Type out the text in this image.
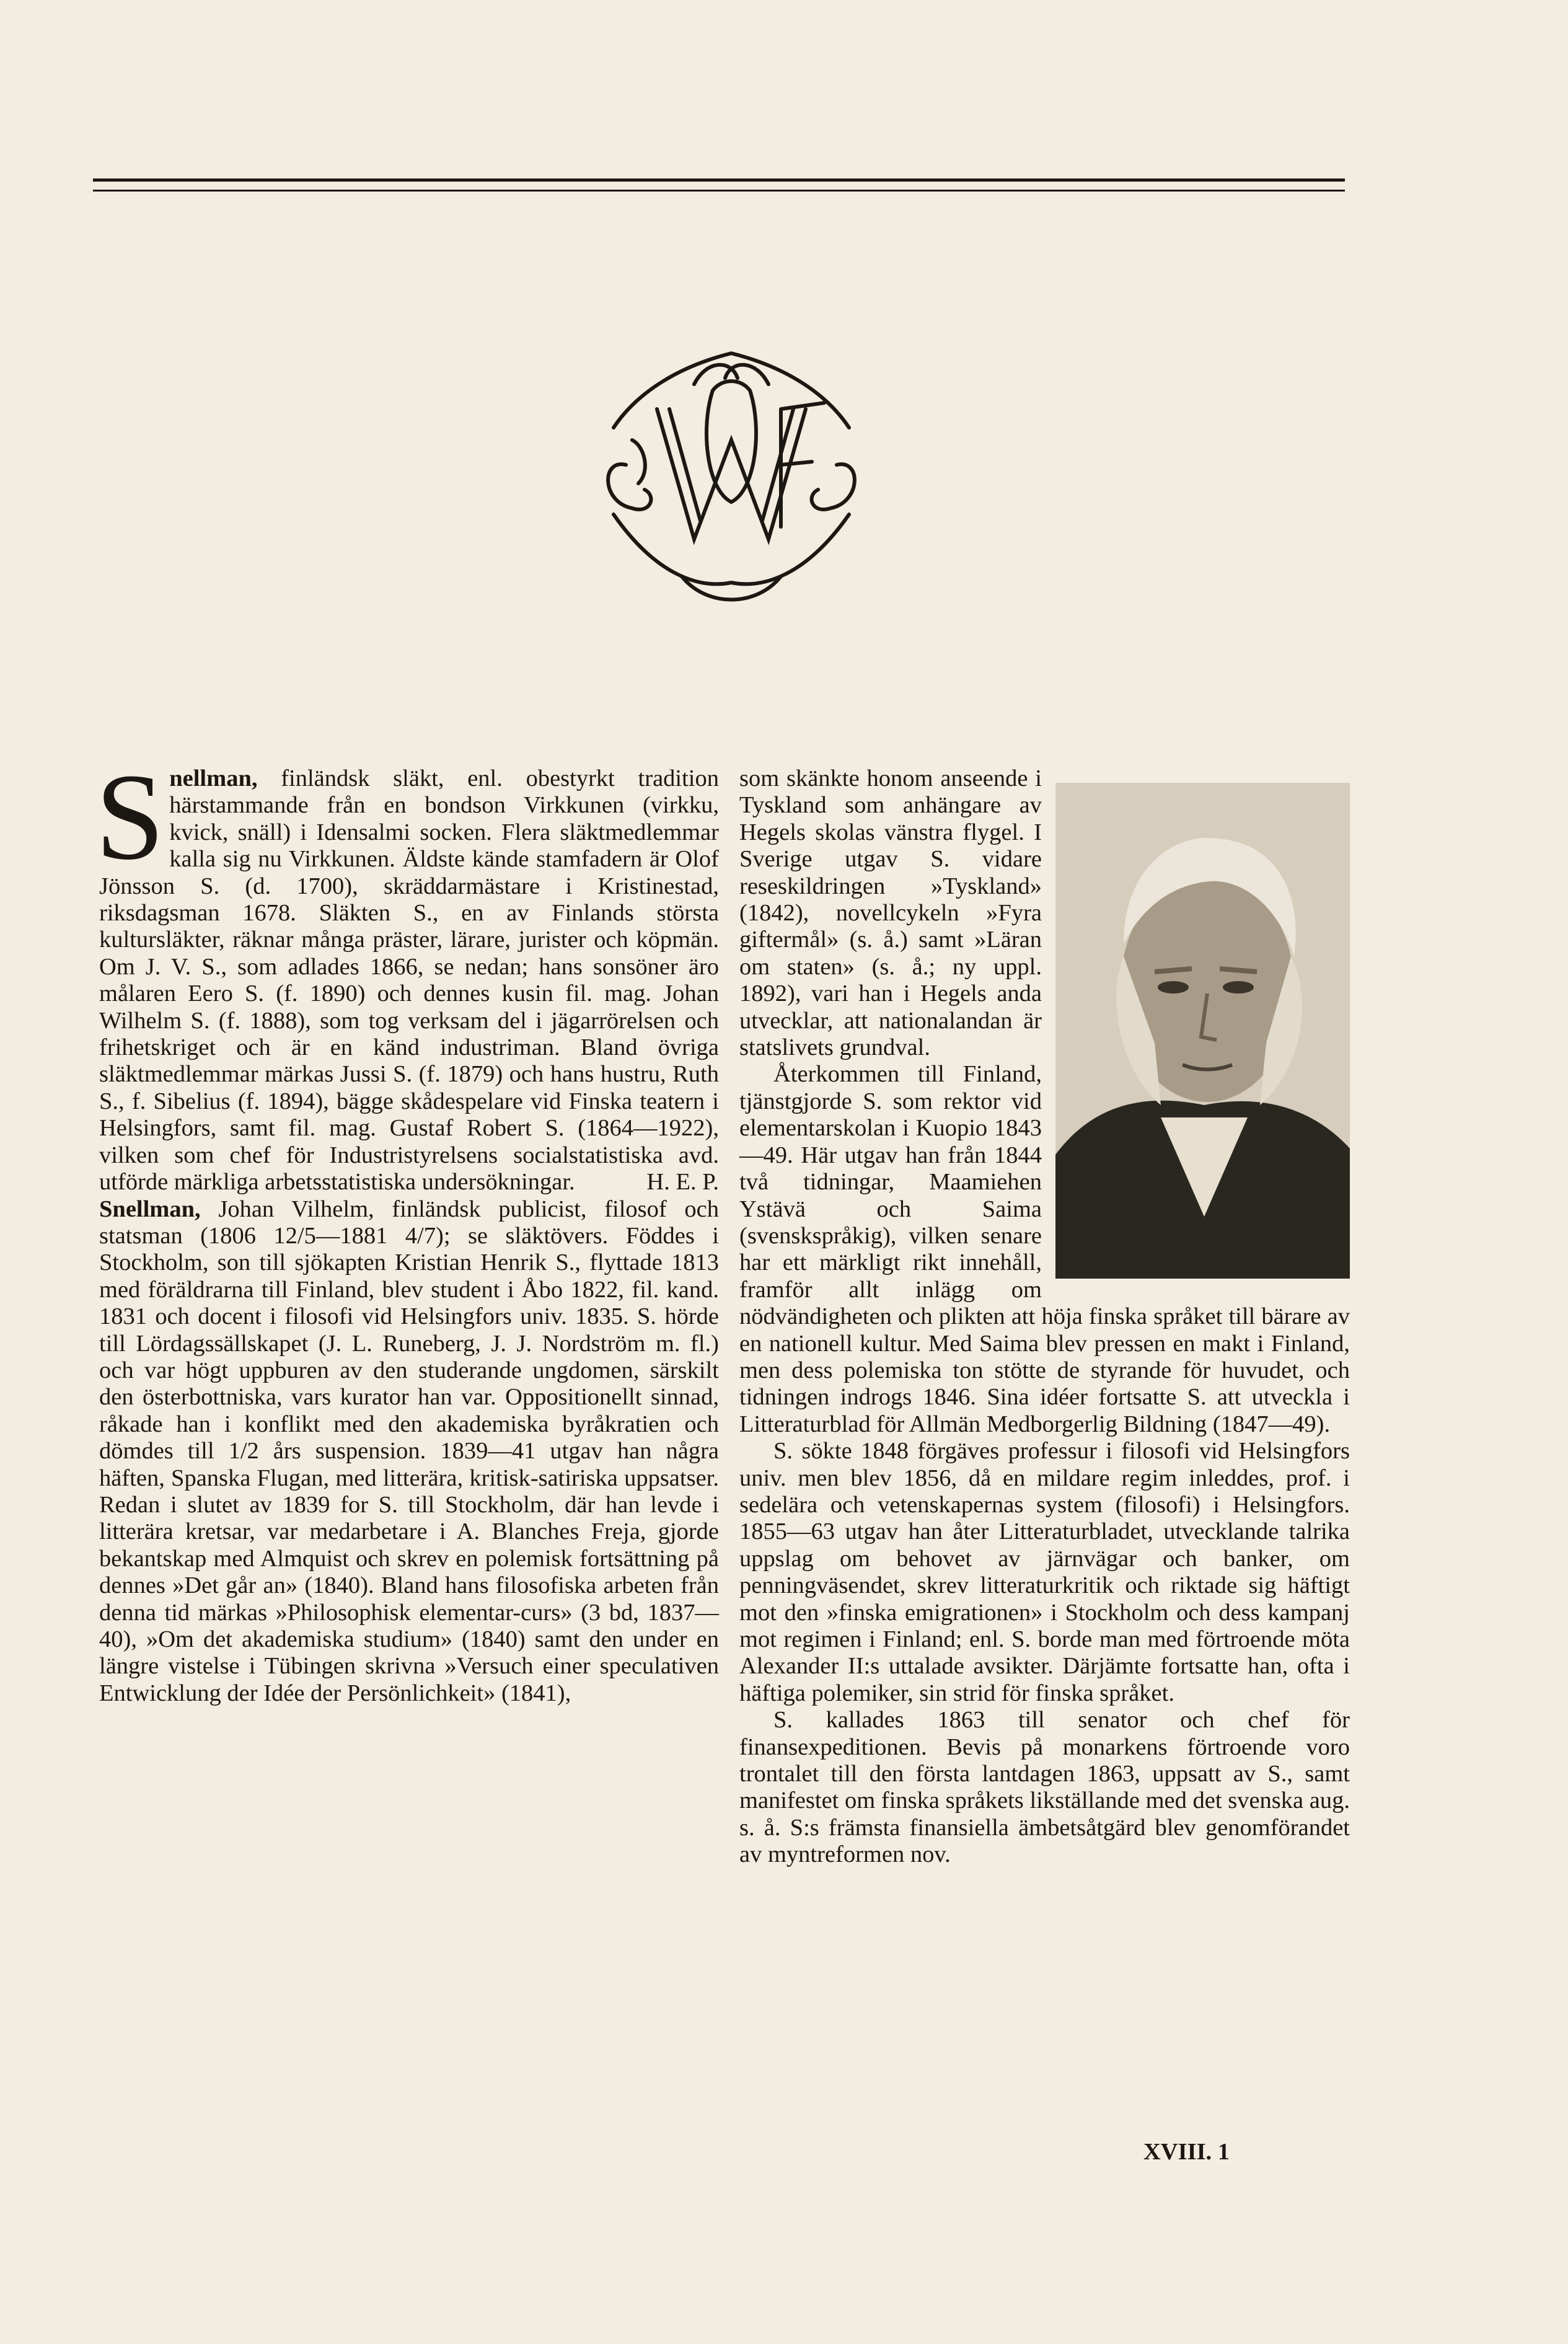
Snellman, finländsk släkt, enl. obestyrkt tradition härstammande från en bondson Virkkunen (virkku, kvick, snäll) i Idensalmi socken. Flera släktmedlemmar kalla sig nu Virkkunen. Äldste kände stamfadern är Olof Jönsson S. (d. 1700), skräddarmästare i Kristinestad, riksdagsman 1678. Släkten S., en av Finlands största kultursläkter, räknar många präster, lärare, jurister och köpmän. Om J. V. S., som adlades 1866, se nedan; hans sonsöner äro målaren Eero S. (f. 1890) och dennes kusin fil. mag. Johan Wilhelm S. (f. 1888), som tog verksam del i jägarrörelsen och frihetskriget och är en känd industriman. Bland övriga släktmedlemmar märkas Jussi S. (f. 1879) och hans hustru, Ruth S., f. Sibelius (f. 1894), bägge skådespelare vid Finska teatern i Helsingfors, samt fil. mag. Gustaf Robert S. (1864—1922), vilken som chef för Industristyrelsens socialstatistiska avd. utförde märkliga arbetsstatistiska undersökningar.	H. E. P.

Snellman, Johan Vilhelm, finländsk publicist, filosof och statsman (1806 12/5—1881 4/7); se släktövers. Föddes i Stockholm, son till sjökapten Kristian Henrik S., flyttade 1813 med föräldrarna till Finland, blev student i Åbo 1822, fil. kand. 1831 och docent i filosofi vid Helsingfors univ. 1835. S. hörde till Lördagssällskapet (J. L. Runeberg, J. J. Nordström m. fl.) och var högt uppburen av den studerande ungdomen, särskilt den österbottniska, vars kurator han var. Oppositionellt sinnad, råkade han i konflikt med den akademiska byråkratien och dömdes till 1/2 års suspension. 1839—41 utgav han några häften, Spanska Flugan, med litterära, kritisk-satiriska uppsatser. Redan i slutet av 1839 for S. till Stockholm, där han levde i litterära kretsar, var medarbetare i A. Blanches Freja, gjorde bekantskap med Almquist och skrev en polemisk fortsättning på dennes »Det går an» (1840). Bland hans filosofiska arbeten från denna tid märkas »Philosophisk elementar-curs» (3 bd, 1837—40), »Om det akademiska studium» (1840) samt den under en längre vistelse i Tübingen skrivna »Versuch einer speculativen Entwicklung der Idée der Persönlichkeit» (1841),

som skänkte honom anseende i Tyskland som anhängare av Hegels skolas vänstra flygel. I Sverige utgav S. vidare reseskildringen »Tyskland» (1842), novellcykeln »Fyra giftermål» (s. å.) samt »Läran om staten» (s. å.; ny uppl. 1892), vari han i Hegels anda utvecklar, att nationalandan är statslivets grundval.

Återkommen till Finland, tjänstgjorde S. som rektor vid elementarskolan i Kuopio 1843—49. Här utgav han från 1844 två tidningar, Maamiehen Ystävä och Saima (svenskspråkig), vilken senare har ett märkligt rikt innehåll, framför allt inlägg om nödvändigheten och plikten att höja finska språket till bärare av en nationell kultur. Med Saima blev pressen en makt i Finland, men dess polemiska ton stötte de styrande för huvudet, och tidningen indrogs 1846. Sina idéer fortsatte S. att utveckla i Litteraturblad för Allmän Medborgerlig Bildning (1847—49).

S. sökte 1848 förgäves professur i filosofi vid Helsingfors univ. men blev 1856, då en mildare regim inleddes, prof. i sedelära och vetenskapernas system (filosofi) i Helsingfors. 1855—63 utgav han åter Litteraturbladet, utvecklande talrika uppslag om behovet av järnvägar och banker, om penningväsendet, skrev litteraturkritik och riktade sig häftigt mot den »finska emigrationen» i Stockholm och dess kampanj mot regimen i Finland; enl. S. borde man med förtroende möta Alexander II:s uttalade avsikter. Därjämte fortsatte han, ofta i häftiga polemiker, sin strid för finska språket.

S. kallades 1863 till senator och chef för finansexpeditionen. Bevis på monarkens förtroende voro trontalet till den första lantdagen 1863, uppsatt av S., samt manifestet om finska språkets likställande med det svenska aug. s. å. S:s främsta finansiella ämbetsåtgärd blev genomförandet av myntreformen nov.

XVIII. 1
